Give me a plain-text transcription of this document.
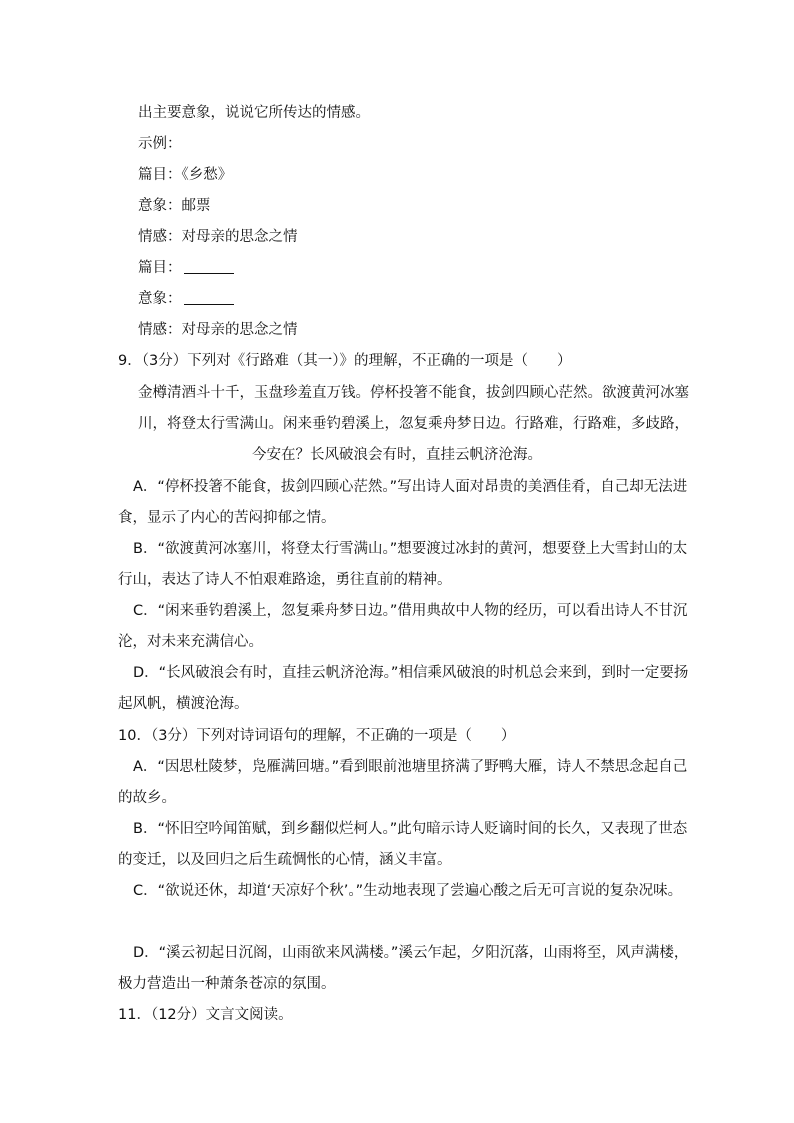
出主要意象，说说它所传达的情感。
示例：
篇目：《乡愁》
意象：邮票
情感：对母亲的思念之情
篇目：
意象：
情感：对母亲的思念之情
9．（3分）下列对《行路难（其一）》的理解，不正确的一项是（　　）
金樽清酒斗十千，玉盘珍羞直万钱。停杯投箸不能食，拔剑四顾心茫然。欲渡黄河冰塞
川，将登太行雪满山。闲来垂钓碧溪上，忽复乘舟梦日边。行路难，行路难，多歧路，
今安在？长风破浪会有时，直挂云帆济沧海。
A．“停杯投箸不能食，拔剑四顾心茫然。”写出诗人面对昂贵的美酒佳肴，自己却无法进
食，显示了内心的苦闷抑郁之情。
B．“欲渡黄河冰塞川，将登太行雪满山。”想要渡过冰封的黄河，想要登上大雪封山的太
行山，表达了诗人不怕艰难路途，勇往直前的精神。
C．“闲来垂钓碧溪上，忽复乘舟梦日边。”借用典故中人物的经历，可以看出诗人不甘沉
沦，对未来充满信心。
D．“长风破浪会有时，直挂云帆济沧海。”相信乘风破浪的时机总会来到，到时一定要扬
起风帆，横渡沧海。
10．（3分）下列对诗词语句的理解，不正确的一项是（　　）
A．“因思杜陵梦，凫雁满回塘。”看到眼前池塘里挤满了野鸭大雁，诗人不禁思念起自己
的故乡。
B．“怀旧空吟闻笛赋，到乡翻似烂柯人。”此句暗示诗人贬谪时间的长久，又表现了世态
的变迁，以及回归之后生疏惆怅的心情，涵义丰富。
C．“欲说还休，却道‘天凉好个秋’。”生动地表现了尝遍心酸之后无可言说的复杂况味。
D．“溪云初起日沉阁，山雨欲来风满楼。”溪云乍起，夕阳沉落，山雨将至，风声满楼，
极力营造出一种萧条苍凉的氛围。
11．（12分）文言文阅读。
